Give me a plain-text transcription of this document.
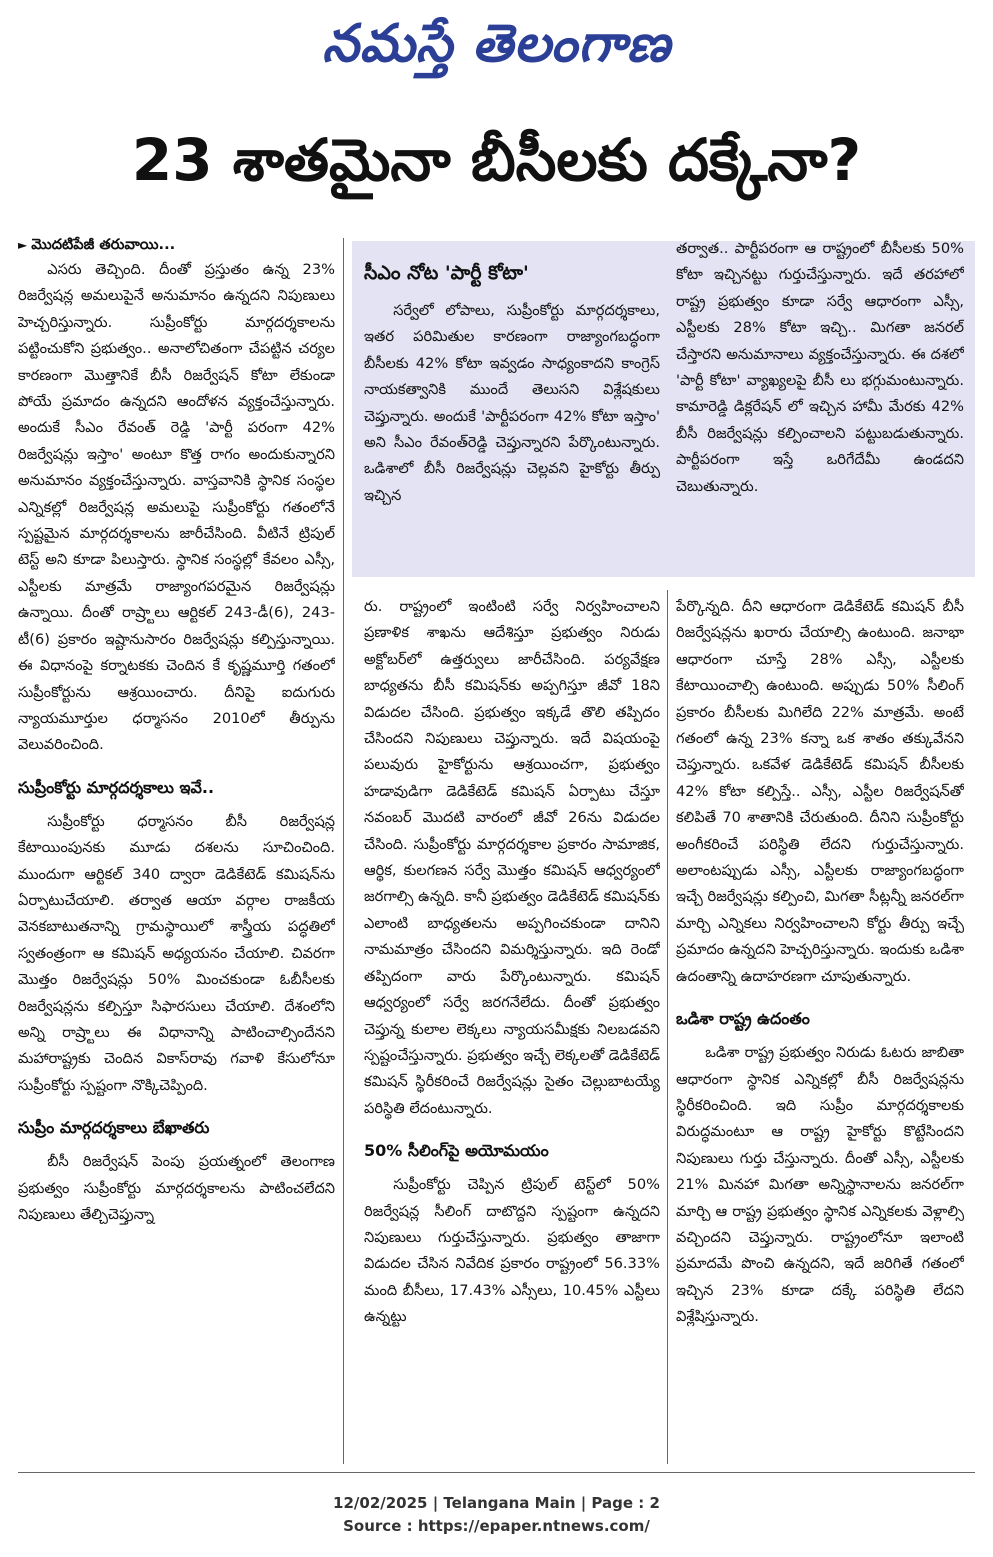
నమస్తే తెలంగాణ
23 శాతమైనా బీసీలకు దక్కేనా?
► మొదటిపేజీ తరువాయి...

ఎసరు తెచ్చింది. దీంతో ప్రస్తుతం ఉన్న 23% రిజర్వేషన్ల అమలుపైనే అనుమానం ఉన్నదని నిపుణులు హెచ్చరిస్తున్నారు. సుప్రీంకోర్టు మార్గదర్శకాలను పట్టించుకోని ప్రభుత్వం.. అనాలోచితంగా చేపట్టిన చర్యల కారణంగా మొత్తానికే బీసీ రిజర్వేషన్ కోటా లేకుండా పోయే ప్రమాదం ఉన్నదని ఆందోళన వ్యక్తంచేస్తున్నారు. అందుకే సీఎం రేవంత్ రెడ్డి 'పార్టీ పరంగా 42% రిజర్వేషన్లు ఇస్తాం' అంటూ కొత్త రాగం అందుకున్నారని అనుమానం వ్యక్తంచేస్తున్నారు. వాస్తవానికి స్థానిక సంస్థల ఎన్నికల్లో రిజర్వేషన్ల అమలుపై సుప్రీంకోర్టు గతంలోనే స్పష్టమైన మార్గదర్శకాలను జారీచేసింది. వీటినే ట్రిపుల్ టెస్ట్ అని కూడా పిలుస్తారు. స్థానిక సంస్థల్లో కేవలం ఎస్సీ, ఎస్టీలకు మాత్రమే రాజ్యాంగపరమైన రిజర్వేషన్లు ఉన్నాయి. దీంతో రాష్ర్టాలు ఆర్టికల్ 243-డీ(6), 243-టీ(6) ప్రకారం ఇష్టానుసారం రిజర్వేషన్లు కల్పిస్తున్నాయి. ఈ విధానంపై కర్నాటకకు చెందిన కే కృష్ణమూర్తి గతంలో సుప్రీంకోర్టును ఆశ్రయించారు. దీనిపై ఐదుగురు న్యాయమూర్తుల ధర్మాసనం 2010లో తీర్పును వెలువరించింది.

సుప్రీంకోర్టు మార్గదర్శకాలు ఇవే..

సుప్రీంకోర్టు ధర్మాసనం బీసీ రిజర్వేషన్ల కేటాయింపునకు మూడు దశలను సూచించింది. ముందుగా ఆర్టికల్ 340 ద్వారా డెడికేటెడ్ కమిషన్‌ను ఏర్పాటుచేయాలి. తర్వాత ఆయా వర్గాల రాజకీయ వెనకబాటుతనాన్ని గ్రామస్థాయిలో శాస్త్రీయ పద్ధతిలో స్వతంత్రంగా ఆ కమిషన్ అధ్యయనం చేయాలి. చివరగా మొత్తం రిజర్వేషన్లు 50% మించకుండా ఓబీసీలకు రిజర్వేషన్లను కల్పిస్తూ సిఫారసులు చేయాలి. దేశంలోని అన్ని రాష్ర్టాలు ఈ విధానాన్ని పాటించాల్సిందేనని మహారాష్ట్రకు చెందిన వికాస్‌రావు గవాళి కేసులోనూ సుప్రీంకోర్టు స్పష్టంగా నొక్కిచెప్పింది.

సుప్రీం మార్గదర్శకాలు బేఖాతరు

బీసీ రిజర్వేషన్ పెంపు ప్రయత్నంలో తెలంగాణ ప్రభుత్వం సుప్రీంకోర్టు మార్గదర్శకాలను పాటించలేదని నిపుణులు తేల్చిచెప్తున్నా

సీఎం నోట 'పార్టీ కోటా'

సర్వేలో లోపాలు, సుప్రీంకోర్టు మార్గదర్శకాలు, ఇతర పరిమితుల కారణంగా రాజ్యాంగబద్ధంగా బీసీలకు 42% కోటా ఇవ్వడం సాధ్యంకాదని కాంగ్రెస్ నాయకత్వానికి ముందే తెలుసని విశ్లేషకులు చెప్తున్నారు. అందుకే 'పార్టీపరంగా 42% కోటా ఇస్తాం' అని సీఎం రేవంత్‌రెడ్డి చెప్తున్నారని పేర్కొంటున్నారు. ఒడిశాలో బీసీ రిజర్వేషన్లు చెల్లవని హైకోర్టు తీర్పు ఇచ్చిన

తర్వాత.. పార్టీపరంగా ఆ రాష్ట్రంలో బీసీలకు 50% కోటా ఇచ్చినట్టు గుర్తుచేస్తున్నారు. ఇదే తరహాలో రాష్ట్ర ప్రభుత్వం కూడా సర్వే ఆధారంగా ఎస్సీ, ఎస్టీలకు 28% కోటా ఇచ్చి.. మిగతా జనరల్ చేస్తారని అనుమానాలు వ్యక్తంచేస్తున్నారు. ఈ దశలో 'పార్టీ కోటా' వ్యాఖ్యలపై బీసీ లు భగ్గుమంటున్నారు. కామారెడ్డి డిక్లరేషన్ లో ఇచ్చిన హామీ మేరకు 42% బీసీ రిజర్వేషన్లు కల్పించాలని పట్టుబడుతున్నారు. పార్టీపరంగా ఇస్తే ఒరిగేదేమీ ఉండదని చెబుతున్నారు.

రు. రాష్ట్రంలో ఇంటింటి సర్వే నిర్వహించాలని ప్రణాళిక శాఖను ఆదేశిస్తూ ప్రభుత్వం నిరుడు అక్టోబర్‌లో ఉత్తర్వులు జారీచేసింది. పర్యవేక్షణ బాధ్యతను బీసీ కమిషన్‌కు అప్పగిస్తూ జీవో 18ని విడుదల చేసింది. ప్రభుత్వం ఇక్కడే తొలి తప్పిదం చేసిందని నిపుణులు చెప్తున్నారు. ఇదే విషయంపై పలువురు హైకోర్టును ఆశ్రయించగా, ప్రభుత్వం హడావుడిగా డెడికేటెడ్ కమిషన్ ఏర్పాటు చేస్తూ నవంబర్ మొదటి వారంలో జీవో 26ను విడుదల చేసింది. సుప్రీంకోర్టు మార్గదర్శకాల ప్రకారం సామాజిక, ఆర్థిక, కులగణన సర్వే మొత్తం కమిషన్ ఆధ్వర్యంలో జరగాల్సి ఉన్నది. కానీ ప్రభుత్వం డెడికేటెడ్ కమిషన్‌కు ఎలాంటి బాధ్యతలను అప్పగించకుండా దానిని నామమాత్రం చేసిందని విమర్శిస్తున్నారు. ఇది రెండో తప్పిదంగా వారు పేర్కొంటున్నారు. కమిషన్ ఆధ్వర్యంలో సర్వే జరగనేలేదు. దీంతో ప్రభుత్వం చెప్తున్న కులాల లెక్కలు న్యాయసమీక్షకు నిలబడవని స్పష్టంచేస్తున్నారు. ప్రభుత్వం ఇచ్చే లెక్కలతో డెడికేటెడ్ కమిషన్ స్థిరీకరించే రిజర్వేషన్లు సైతం చెల్లుబాటయ్యే పరిస్థితి లేదంటున్నారు.

50% సీలింగ్‌పై అయోమయం

సుప్రీంకోర్టు చెప్పిన ట్రిపుల్ టెస్ట్‌లో 50% రిజర్వేషన్ల సీలింగ్ దాటొద్దని స్పష్టంగా ఉన్నదని నిపుణులు గుర్తుచేస్తున్నారు. ప్రభుత్వం తాజాగా విడుదల చేసిన నివేదిక ప్రకారం రాష్ట్రంలో 56.33% మంది బీసీలు, 17.43% ఎస్సీలు, 10.45% ఎస్టీలు ఉన్నట్టు

పేర్కొన్నది. దీని ఆధారంగా డెడికేటెడ్ కమిషన్ బీసీ రిజర్వేషన్లను ఖరారు చేయాల్సి ఉంటుంది. జనాభా ఆధారంగా చూస్తే 28% ఎస్సీ, ఎస్టీలకు కేటాయించాల్సి ఉంటుంది. అప్పుడు 50% సీలింగ్ ప్రకారం బీసీలకు మిగిలేది 22% మాత్రమే. అంటే గతంలో ఉన్న 23% కన్నా ఒక శాతం తక్కువేనని చెప్తున్నారు. ఒకవేళ డెడికేటెడ్ కమిషన్ బీసీలకు 42% కోటా కల్పిస్తే.. ఎస్సీ, ఎస్టీల రిజర్వేషన్‌తో కలిపితే 70 శాతానికి చేరుతుంది. దీనిని సుప్రీంకోర్టు అంగీకరించే పరిస్థితి లేదని గుర్తుచేస్తున్నారు. అలాంటప్పుడు ఎస్సీ, ఎస్టీలకు రాజ్యాంగబద్ధంగా ఇచ్చే రిజర్వేషన్లు కల్పించి, మిగతా సీట్లన్నీ జనరల్‌గా మార్చి ఎన్నికలు నిర్వహించాలని కోర్టు తీర్పు ఇచ్చే ప్రమాదం ఉన్నదని హెచ్చరిస్తున్నారు. ఇందుకు ఒడిశా ఉదంతాన్ని ఉదాహరణగా చూపుతున్నారు.

ఒడిశా రాష్ట్ర ఉదంతం

ఒడిశా రాష్ట్ర ప్రభుత్వం నిరుడు ఓటరు జాబితా ఆధారంగా స్థానిక ఎన్నికల్లో బీసీ రిజర్వేషన్లను స్థిరీకరించింది. ఇది సుప్రీం మార్గదర్శకాలకు విరుద్ధమంటూ ఆ రాష్ట్ర హైకోర్టు కొట్టేసిందని నిపుణులు గుర్తు చేస్తున్నారు. దీంతో ఎస్సీ, ఎస్టీలకు 21% మినహా మిగతా అన్నిస్థానాలను జనరల్‌గా మార్చి ఆ రాష్ట్ర ప్రభుత్వం స్థానిక ఎన్నికలకు వెళ్లాల్సి వచ్చిందని చెప్తున్నారు. రాష్ట్రంలోనూ ఇలాంటి ప్రమాదమే పొంచి ఉన్నదని, ఇదే జరిగితే గతంలో ఇచ్చిన 23% కూడా దక్కే పరిస్థితి లేదని విశ్లేషిస్తున్నారు.

12/02/2025 | Telangana Main | Page : 2
Source : https://epaper.ntnews.com/
